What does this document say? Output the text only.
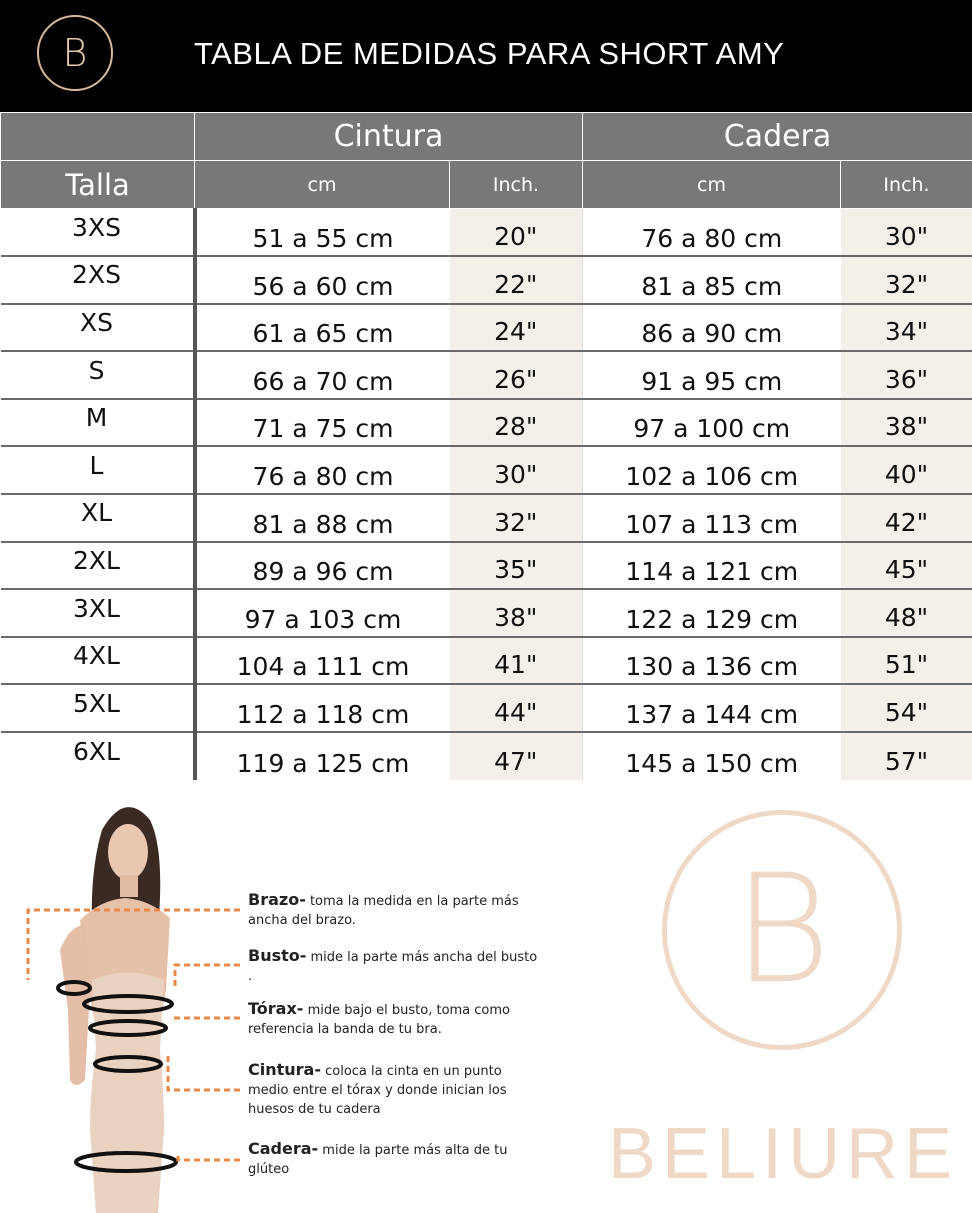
B	TABLA DE MEDIDAS PARA SHORT AMY
	Cintura		Cadera	
Talla	cm	Inch.	cm	Inch.
3XS	51 a 55 cm	20"	76 a 80 cm	30"
2XS	56 a 60 cm	22"	81 a 85 cm	32"
XS	61 a 65 cm	24"	86 a 90 cm	34"
S	66 a 70 cm	26"	91 a 95 cm	36"
M	71 a 75 cm	28"	97 a 100 cm	38"
L	76 a 80 cm	30"	102 a 106 cm	40"
XL	81 a 88 cm	32"	107 a 113 cm	42"
2XL	89 a 96 cm	35"	114 a 121 cm	45"
3XL	97 a 103 cm	38"	122 a 129 cm	48"
4XL	104 a 111 cm	41"	130 a 136 cm	51"
5XL	112 a 118 cm	44"	137 a 144 cm	54"
6XL	119 a 125 cm	47"	145 a 150 cm	57"
Brazo- toma la medida en la parte más ancha del brazo.
Busto- mide la parte más ancha del busto .
Tórax- mide bajo el busto, toma como referencia la banda de tu bra.
Cintura- coloca la cinta en un punto medio entre el tórax y donde inician los huesos de tu cadera
Cadera- mide la parte más alta de tu glúteo
B
BELIURE
